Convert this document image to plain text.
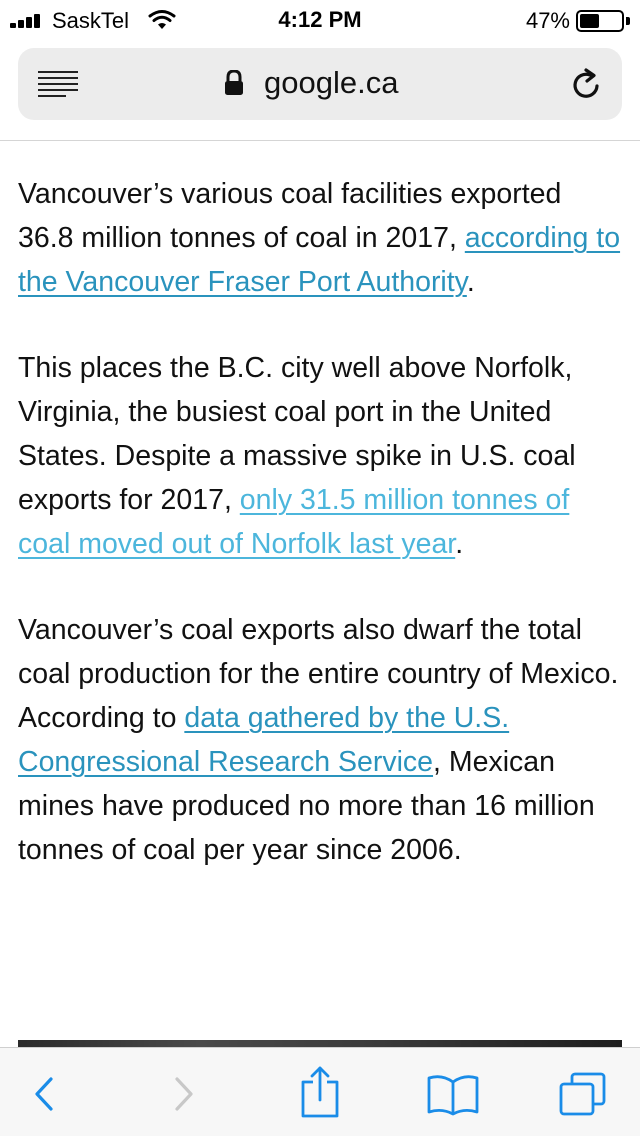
SaskTel	4:12 PM	47%
google.ca

Vancouver’s various coal facilities exported 36.8 million tonnes of coal in 2017, according to the Vancouver Fraser Port Authority.

This places the B.C. city well above Norfolk, Virginia, the busiest coal port in the United States. Despite a massive spike in U.S. coal exports for 2017, only 31.5 million tonnes of coal moved out of Norfolk last year.

Vancouver’s coal exports also dwarf the total coal production for the entire country of Mexico. According to data gathered by the U.S. Congressional Research Service, Mexican mines have produced no more than 16 million tonnes of coal per year since 2006.
